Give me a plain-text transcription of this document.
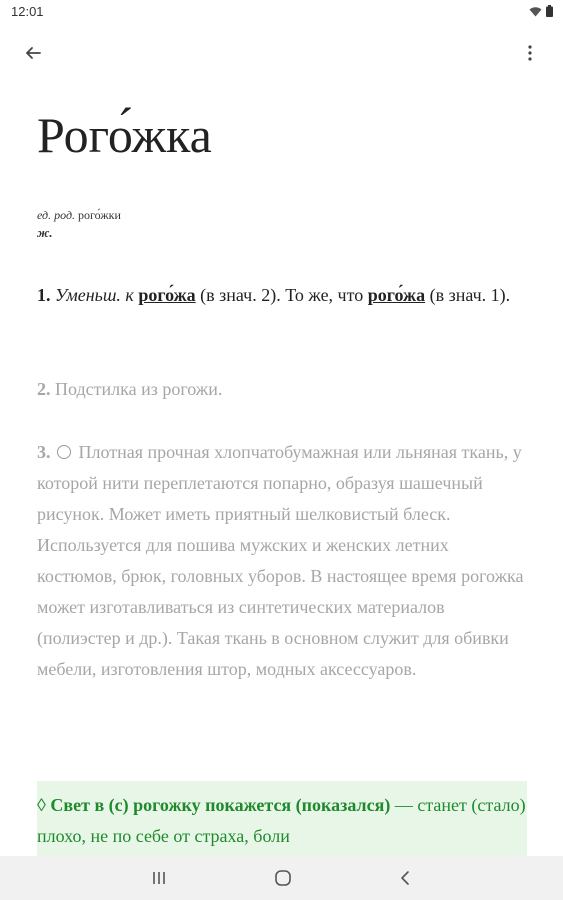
12:01
Рого́жка
ед. род. рого́жки
ж.

1. Уменьш. к рого́жа (в знач. 2). То же, что рого́жа (в знач. 1).

2. Подстилка из рогожи.

3. Плотная прочная хлопчатобумажная или льняная ткань, у которой нити переплетаются попарно, образуя шашечный рисунок. Может иметь приятный шелковистый блеск. Используется для пошива мужских и женских летних костюмов, брюк, головных уборов. В настоящее время рогожка может изготавливаться из синтетических материалов (полиэстер и др.). Такая ткань в основном служит для обивки мебели, изготовления штор, модных аксессуаров.

◊ Свет в (с) рогожку покажется (показался) — станет (стало) плохо, не по себе от страха, боли
